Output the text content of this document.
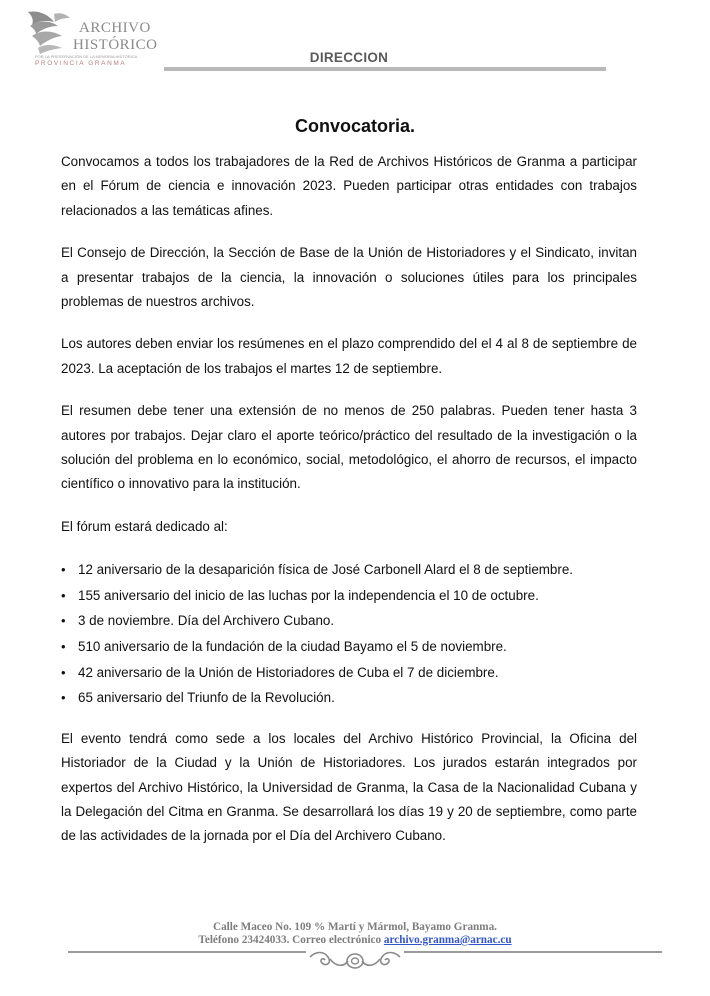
ARCHIVO
HISTÓRICO
POR LA PRESERVACIÓN DE LA MEMORIA HISTÓRICA
PROVINCIA GRANMA	DIRECCION
Convocatoria.

Convocamos a todos los trabajadores de la Red de Archivos Históricos de Granma a participar en el Fórum de ciencia e innovación 2023. Pueden participar otras entidades con trabajos relacionados a las temáticas afines.

El Consejo de Dirección, la Sección de Base de la Unión de Historiadores y el Sindicato, invitan a presentar trabajos de la ciencia, la innovación o soluciones útiles para los principales problemas de nuestros archivos.

Los autores deben enviar los resúmenes en el plazo comprendido del el 4 al 8 de septiembre de 2023. La aceptación de los trabajos el martes 12 de septiembre.

El resumen debe tener una extensión de no menos de 250 palabras. Pueden tener hasta 3 autores por trabajos. Dejar claro el aporte teórico/práctico del resultado de la investigación o la solución del problema en lo económico, social, metodológico, el ahorro de recursos, el impacto científico o innovativo para la institución.

El fórum estará dedicado al:

• 12 aniversario de la desaparición física de José Carbonell Alard el 8 de septiembre.
• 155 aniversario del inicio de las luchas por la independencia el 10 de octubre.
• 3 de noviembre. Día del Archivero Cubano.
• 510 aniversario de la fundación de la ciudad Bayamo el 5 de noviembre.
• 42 aniversario de la Unión de Historiadores de Cuba el 7 de diciembre.
• 65 aniversario del Triunfo de la Revolución.

El evento tendrá como sede a los locales del Archivo Histórico Provincial, la Oficina del Historiador de la Ciudad y la Unión de Historiadores. Los jurados estarán integrados por expertos del Archivo Histórico, la Universidad de Granma, la Casa de la Nacionalidad Cubana y la Delegación del Citma en Granma. Se desarrollará los días 19 y 20 de septiembre, como parte de las actividades de la jornada por el Día del Archivero Cubano.

Calle Maceo No. 109 % Martí y Mármol, Bayamo Granma.
Teléfono 23424033. Correo electrónico archivo.granma@arnac.cu
